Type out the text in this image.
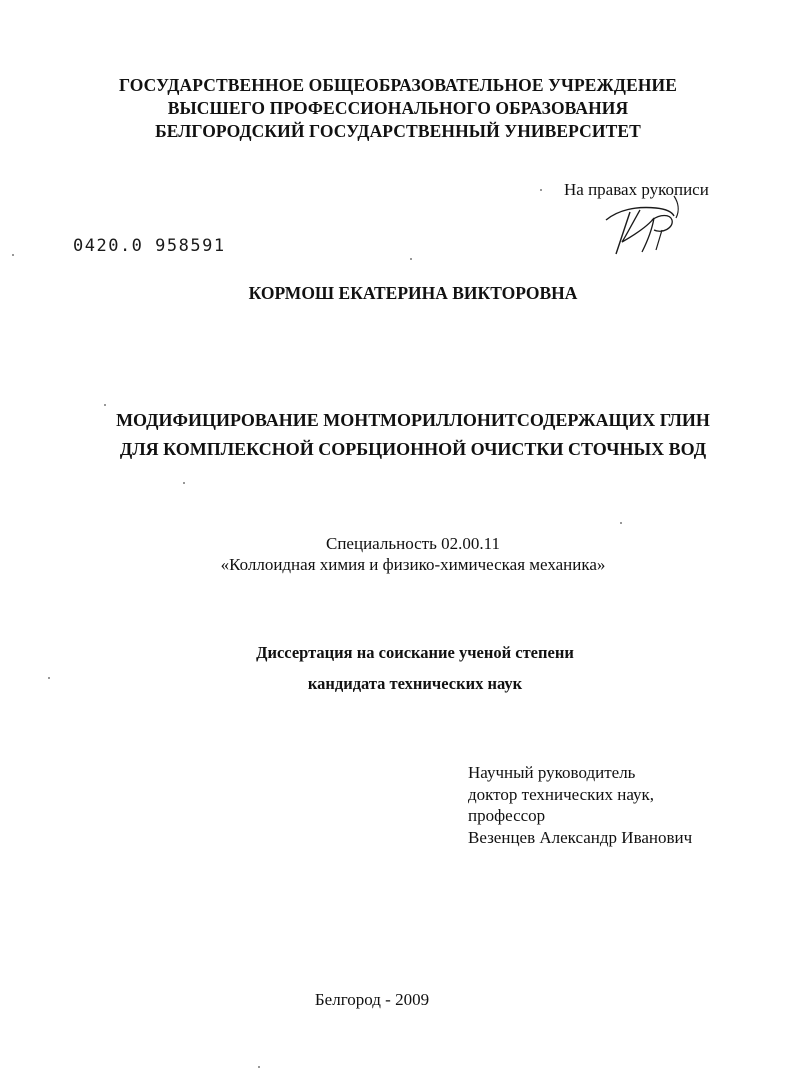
ГОСУДАРСТВЕННОЕ ОБЩЕОБРАЗОВАТЕЛЬНОЕ УЧРЕЖДЕНИЕ
ВЫСШЕГО ПРОФЕССИОНАЛЬНОГО ОБРАЗОВАНИЯ
БЕЛГОРОДСКИЙ ГОСУДАРСТВЕННЫЙ УНИВЕРСИТЕТ
На правах рукописи
0420.0 958591
КОРМОШ ЕКАТЕРИНА ВИКТОРОВНА
МОДИФИЦИРОВАНИЕ МОНТМОРИЛЛОНИТСОДЕРЖАЩИХ ГЛИН
ДЛЯ КОМПЛЕКСНОЙ СОРБЦИОННОЙ ОЧИСТКИ СТОЧНЫХ ВОД
Специальность 02.00.11
«Коллоидная химия и физико-химическая механика»
Диссертация на соискание ученой степени
кандидата технических наук
Научный руководитель
доктор технических наук,
профессор
Везенцев Александр Иванович
Белгород - 2009
